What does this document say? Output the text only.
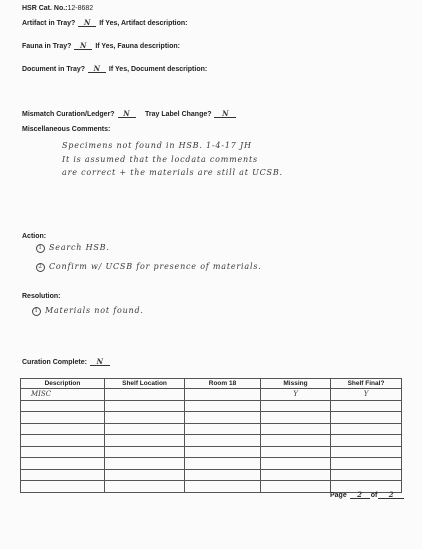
HSR Cat. No.:12-8682
Artifact in Tray? N If Yes, Artifact description:
Fauna in Tray? N If Yes, Fauna description:
Document in Tray? N If Yes, Document description:
Mismatch Curation/Ledger? N	Tray Label Change? N
Miscellaneous Comments:
Specimens not found in HSB. 1-4-17 JH
It is assumed that the locdata comments
are correct + the materials are still at UCSB.
Action:
1 Search HSB.
2 Confirm w/ UCSB for presence of materials.
Resolution:
1 Materials not found.
Curation Complete: N
Description	Shelf Location	Room 18	Missing	Shelf Final?
MISC			Y	Y

Page 2 of 2
